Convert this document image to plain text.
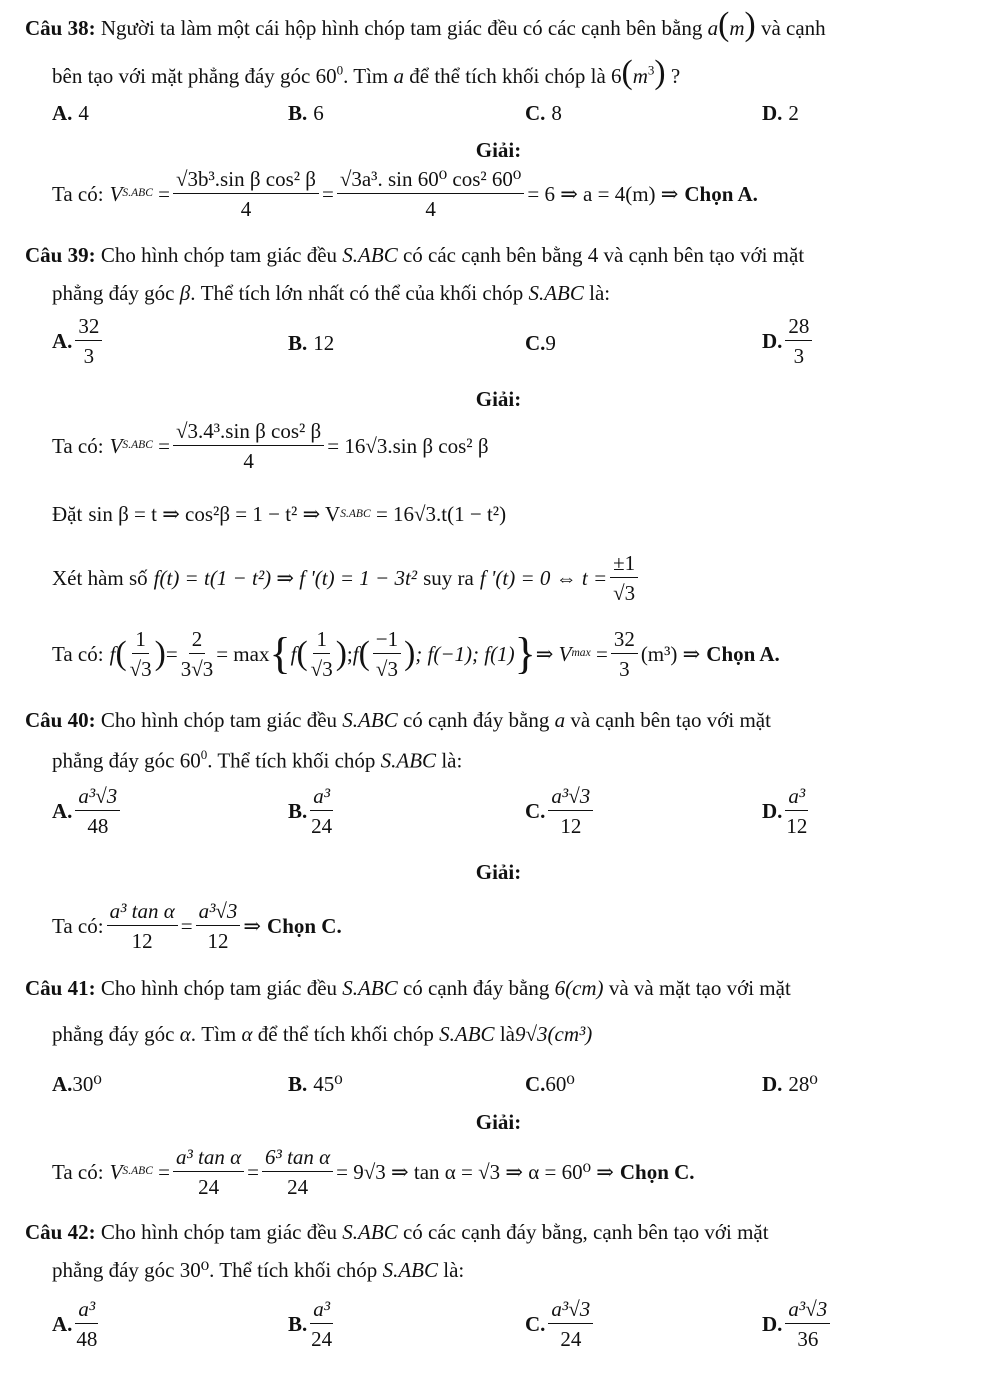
Câu 38: Người ta làm một cái hộp hình chóp tam giác đều có các cạnh bên bằng a(m) và cạnh
bên tạo với mặt phẳng đáy góc $60^0$. Tìm a để thể tích khối chóp là $6(m^3)$ ?
A. 4	B. 6	C. 8	D. 2
Giải:
Ta có: V $S.ABC = \frac{\text{√3b³.sin β cos² β}}{4} = \frac{\text{√3a³. sin 60⁰ cos² 60⁰}}{4} = 6$ ⇒ a = 4(m) ⇒ Chọn A.
Câu 39: Cho hình chóp tam giác đều S.ABC có các cạnh bên bằng 4 và cạnh bên tạo với mặt
phẳng đáy góc β. Thể tích lớn nhất có thể của khối chóp S.ABC là:
A. $\frac{32}{3}$	B. 12	C. 9	D. $\frac{28}{3}$
Giải:
Ta có: V $S.ABC = \frac{\text{√3.4³.sin β cos² β}}{4} = 16√3.\sin$ β cos² β
Đặt sin β = t ⇒ cos²β = 1 − t² ⇒ V S.ABC
= 16√3.t(1 − t²)
Xét hàm số f(t) = t(1 − t²) ⇒ f '(t) = 1 − 3t² suy ra f '(t) = 0 ⇔ $t = \frac{\pm 1}{√3}$
Ta có: f ( $\frac{1}{√3}$ ) = $\frac{2}{3√3} = \max$ { f ( $\frac{1}{√3}$ ) ; f ( $\frac{-1}{√3}$ ) ; f(−1); f(1) } ⇒ V $\max = \frac{32}{3} (m^3)$ ⇒ Chọn A.
Câu 40: Cho hình chóp tam giác đều S.ABC có cạnh đáy bằng a và cạnh bên tạo với mặt
phẳng đáy góc $60^0$. Thể tích khối chóp S.ABC là:
A. $\frac{\text{a³√3}}{48}$	B. $\frac{\text{a³}}{24}$	C. $\frac{\text{a³√3}}{12}$	D. $\frac{\text{a³}}{12}$
Giải:
Ta có: $\frac{\text{a³ tan α}}{12} = \frac{\text{a³√3}}{12}$ ⇒ Chọn C.
Câu 41: Cho hình chóp tam giác đều S.ABC có cạnh đáy bằng 6(cm) và và mặt tạo với mặt
phẳng đáy góc α. Tìm α để thể tích khối chóp S.ABC là9√3(cm³)
A. 30⁰	B. 45⁰	C. 60⁰	D. 28⁰
Giải:
Ta có: V $S.ABC = \frac{\text{a³ tan α}}{24} = \frac{\text{6³ tan α}}{24} = 9√3$ ⇒ tan α = √3 ⇒ α = 60⁰ ⇒ Chọn C.
Câu 42: Cho hình chóp tam giác đều S.ABC có các cạnh đáy bằng, cạnh bên tạo với mặt
phẳng đáy góc 30⁰. Thể tích khối chóp S.ABC là:
A. $\frac{\text{a³}}{48}$	B. $\frac{\text{a³}}{24}$	C. $\frac{\text{a³√3}}{24}$	D. $\frac{\text{a³√3}}{36}$
